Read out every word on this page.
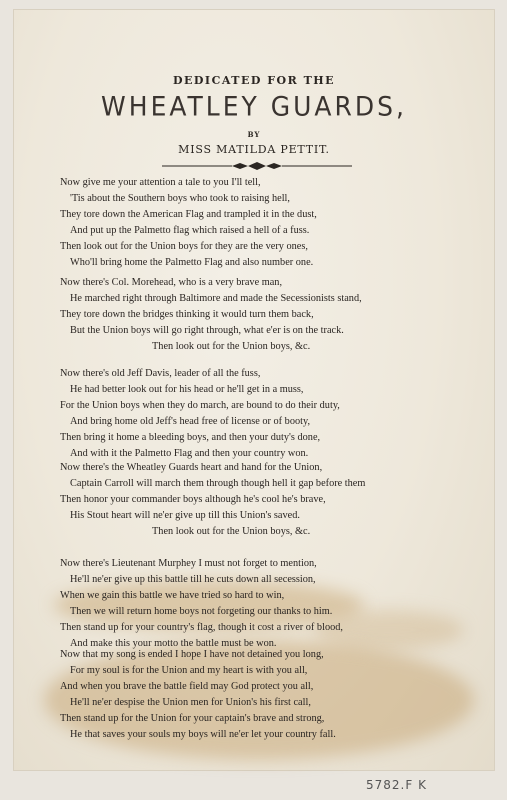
DEDICATED FOR THE
WHEATLEY GUARDS,
BY
MISS MATILDA PETTIT.
Now give me your attention a tale to you I'll tell,
'Tis about the Southern boys who took to raising hell,
They tore down the American Flag and trampled it in the dust,
And put up the Palmetto flag which raised a hell of a fuss.
Then look out for the Union boys for they are the very ones,
Who'll bring home the Palmetto Flag and also number one.
Now there's Col. Morehead, who is a very brave man,
He marched right through Baltimore and made the Secessionists stand,
They tore down the bridges thinking it would turn them back,
But the Union boys will go right through, what e'er is on the track.
Then look out for the Union boys, &c.
Now there's old Jeff Davis, leader of all the fuss,
He had better look out for his head or he'll get in a muss,
For the Union boys when they do march, are bound to do their duty,
And bring home old Jeff's head free of license or of booty,
Then bring it home a bleeding boys, and then your duty's done,
And with it the Palmetto Flag and then your country won.
Now there's the Wheatley Guards heart and hand for the Union,
Captain Carroll will march them through though hell it gap before them
Then honor your commander boys although he's cool he's brave,
His Stout heart will ne'er give up till this Union's saved.
Then look out for the Union boys, &c.
Now there's Lieutenant Murphey I must not forget to mention,
He'll ne'er give up this battle till he cuts down all secession,
When we gain this battle we have tried so hard to win,
Then we will return home boys not forgeting our thanks to him.
Then stand up for your country's flag, though it cost a river of blood,
And make this your motto the battle must be won.
Now that my song is ended I hope I have not detained you long,
For my soul is for the Union and my heart is with you all,
And when you brave the battle field may God protect you all,
He'll ne'er despise the Union men for Union's his first call,
Then stand up for the Union for your captain's brave and strong,
He that saves your souls my boys will ne'er let your country fall.
5782.F K
